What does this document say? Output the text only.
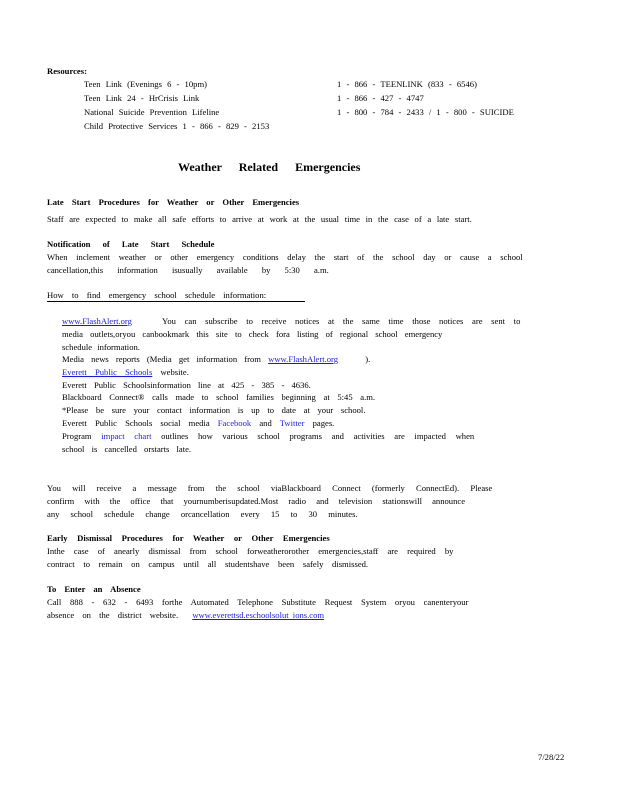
Resources:
Teen Link (Evenings 6 - 10pm)	1 - 866 - TEENLINK (833 - 6546)
Teen Link 24 - HrCrisis Link	1 - 866 - 427 - 4747
National Suicide Prevention Lifeline	1 - 800 - 784 - 2433 / 1 - 800 - SUICIDE
Child Protective Services 1 - 866 - 829 - 2153
Weather Related Emergencies
Late Start Procedures for Weather or Other Emergencies
Staff are expected to make all safe efforts to arrive at work at the usual time in the case of a late start.
Notification of Late Start Schedule
When inclement weather or other emergency conditions delay the start of the school day or cause a school
cancellation,this information isusually available by 5:30 a.m.
How to find emergency school schedule information:
www.FlashAlert.org	You can subscribe to receive notices at the same time those notices are sent to
media outlets,oryou canbookmark this site to check fora listing of regional school emergency
schedule information.
Media news reports (Media get information from www.FlashAlert.org ).
Everett Public Schools website.
Everett Public Schoolsinformation line at 425 - 385 - 4636.
Blackboard Connect® calls made to school families beginning at 5:45 a.m.
*Please be sure your contact information is up to date at your school.
Everett Public Schools social media Facebook and Twitter pages.
Program impact chart outlines how various school programs and activities are impacted when
school is cancelled orstarts late.
You will receive a message from the school viaBlackboard Connect (formerly ConnectEd). Please
confirm with the office that yournumberisupdated.Most radio and television stationswill announce
any school schedule change orcancellation every 15 to 30 minutes.
Early Dismissal Procedures for Weather or Other Emergencies
Inthe case of anearly dismissal from school forweatherorother emergencies,staff are required by
contract to remain on campus until all studentshave been safely dismissed.
To Enter an Absence
Call 888 - 632 - 6493 forthe Automated Telephone Substitute Request System oryou canenteryour
absence on the district website. www.everettsd.eschoolsolut ions.com
7/28/22
